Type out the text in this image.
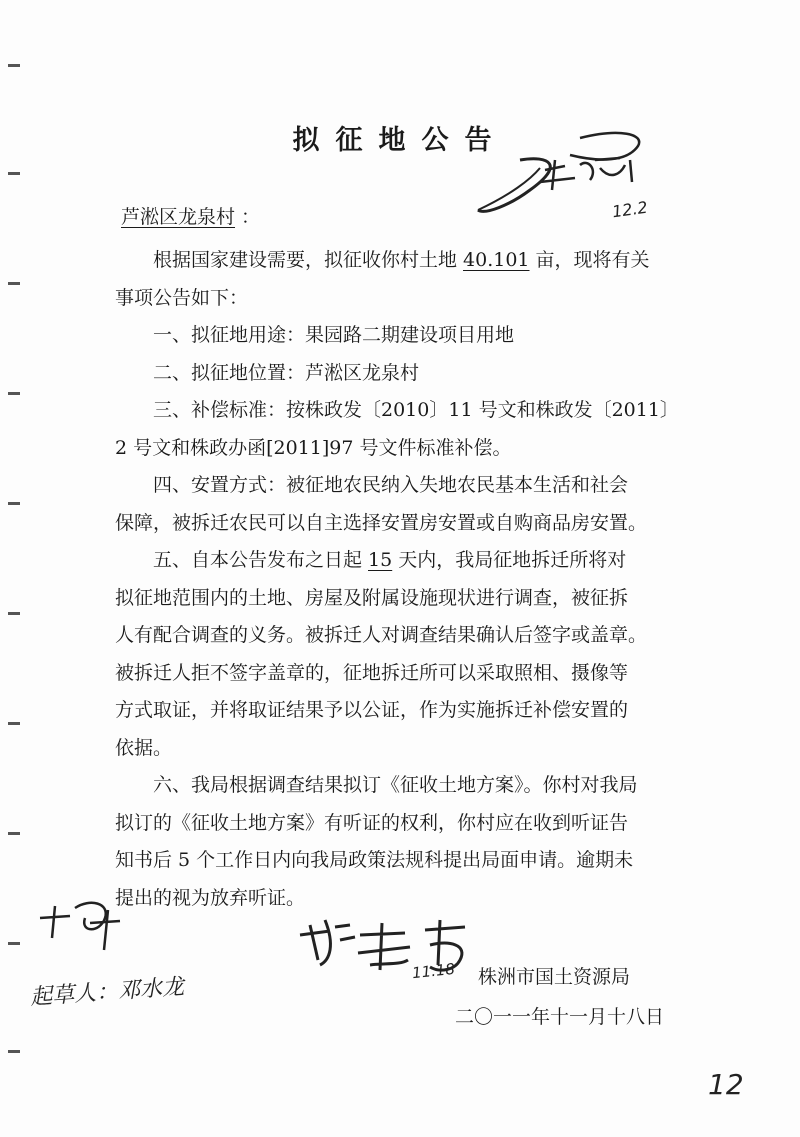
拟征地公告
12.2
芦淞区龙泉村 ：
根据国家建设需要，拟征收你村土地 40.101 亩，现将有关
事项公告如下：
一、拟征地用途：果园路二期建设项目用地
二、拟征地位置：芦淞区龙泉村
三、补偿标准：按株政发〔2010〕11 号文和株政发〔2011〕
2 号文和株政办函[2011]97 号文件标准补偿。
四、安置方式：被征地农民纳入失地农民基本生活和社会
保障，被拆迁农民可以自主选择安置房安置或自购商品房安置。
五、自本公告发布之日起 15 天内，我局征地拆迁所将对
拟征地范围内的土地、房屋及附属设施现状进行调查，被征拆
人有配合调查的义务。被拆迁人对调查结果确认后签字或盖章。
被拆迁人拒不签字盖章的，征地拆迁所可以采取照相、摄像等
方式取证，并将取证结果予以公证，作为实施拆迁补偿安置的
依据。
六、我局根据调查结果拟订《征收土地方案》。你村对我局
拟订的《征收土地方案》有听证的权利，你村应在收到听证告
知书后 5 个工作日内向我局政策法规科提出局面申请。逾期未
提出的视为放弃听证。
起草人：邓水龙
11.18 株洲市国土资源局
二〇一一年十一月十八日
12
